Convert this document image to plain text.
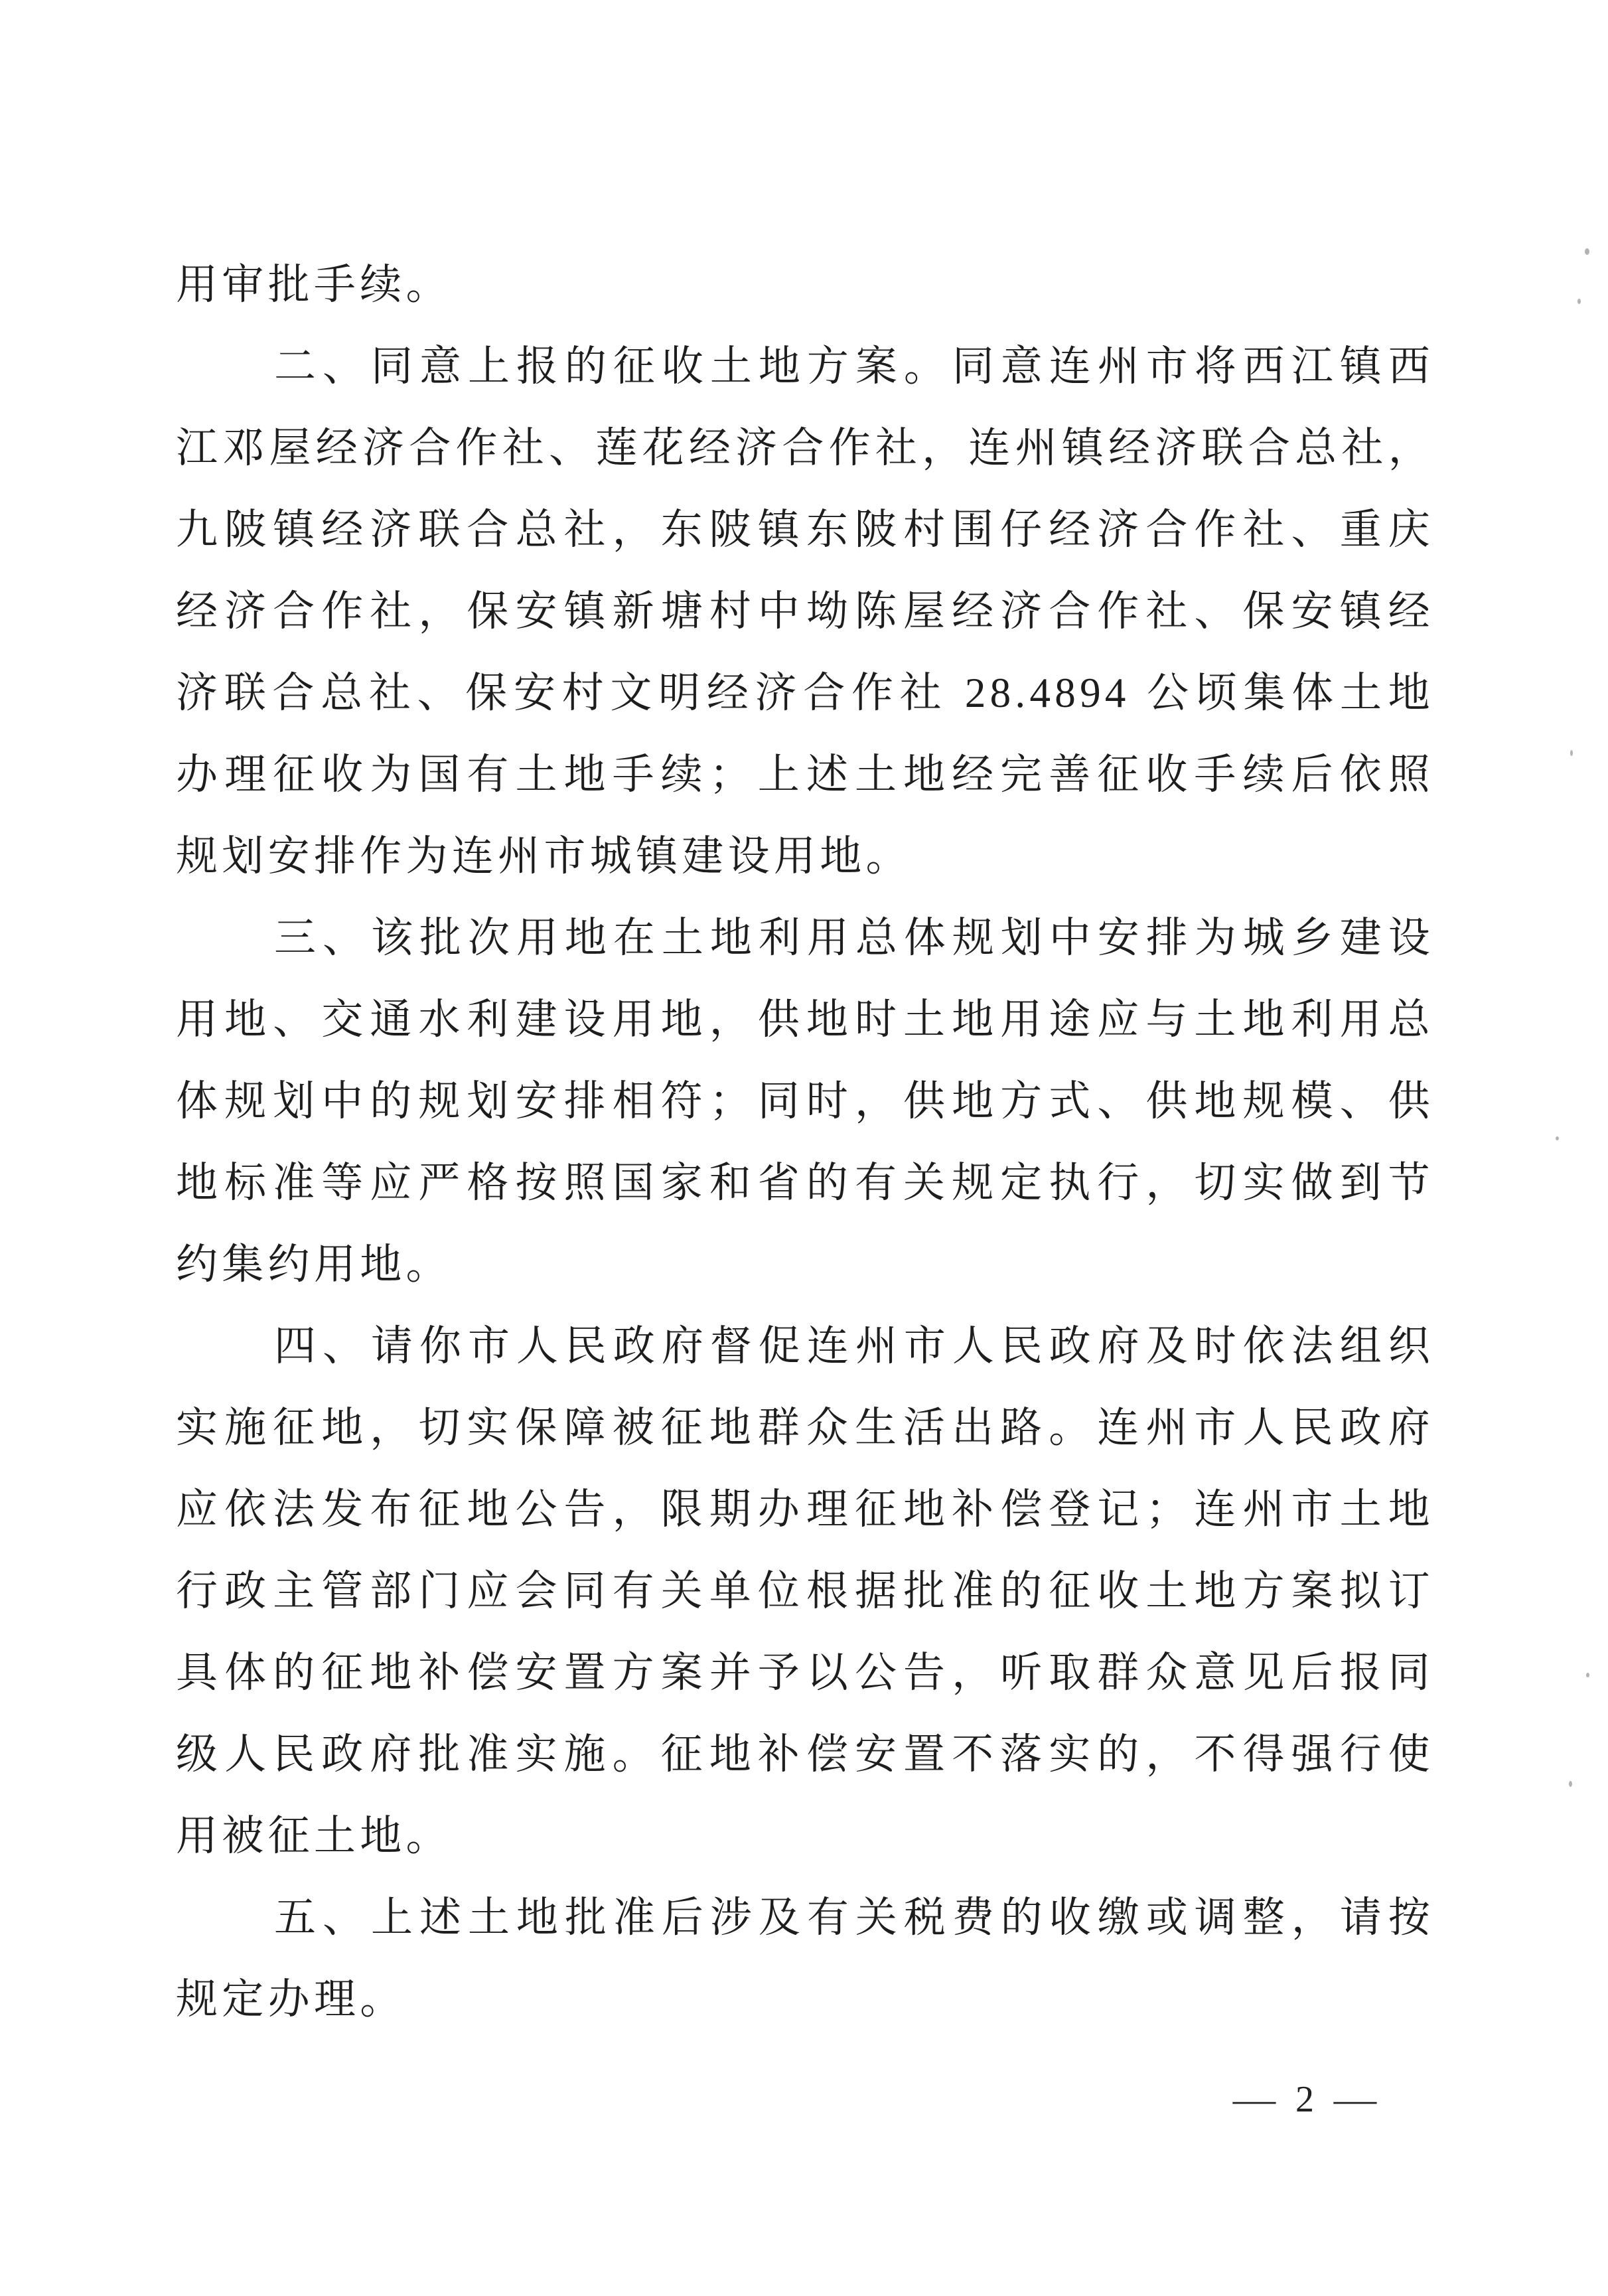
用审批手续。
二、同意上报的征收土地方案。同意连州市将西江镇西
江邓屋经济合作社、莲花经济合作社，连州镇经济联合总社，
九陂镇经济联合总社，东陂镇东陂村围仔经济合作社、重庆
经济合作社，保安镇新塘村中坳陈屋经济合作社、保安镇经
济联合总社、保安村文明经济合作社 28.4894 公顷集体土地
办理征收为国有土地手续；上述土地经完善征收手续后依照
规划安排作为连州市城镇建设用地。
三、该批次用地在土地利用总体规划中安排为城乡建设
用地、交通水利建设用地，供地时土地用途应与土地利用总
体规划中的规划安排相符；同时，供地方式、供地规模、供
地标准等应严格按照国家和省的有关规定执行，切实做到节
约集约用地。
四、请你市人民政府督促连州市人民政府及时依法组织
实施征地，切实保障被征地群众生活出路。连州市人民政府
应依法发布征地公告，限期办理征地补偿登记；连州市土地
行政主管部门应会同有关单位根据批准的征收土地方案拟订
具体的征地补偿安置方案并予以公告，听取群众意见后报同
级人民政府批准实施。征地补偿安置不落实的，不得强行使
用被征土地。
五、上述土地批准后涉及有关税费的收缴或调整，请按
规定办理。
— 2 —
